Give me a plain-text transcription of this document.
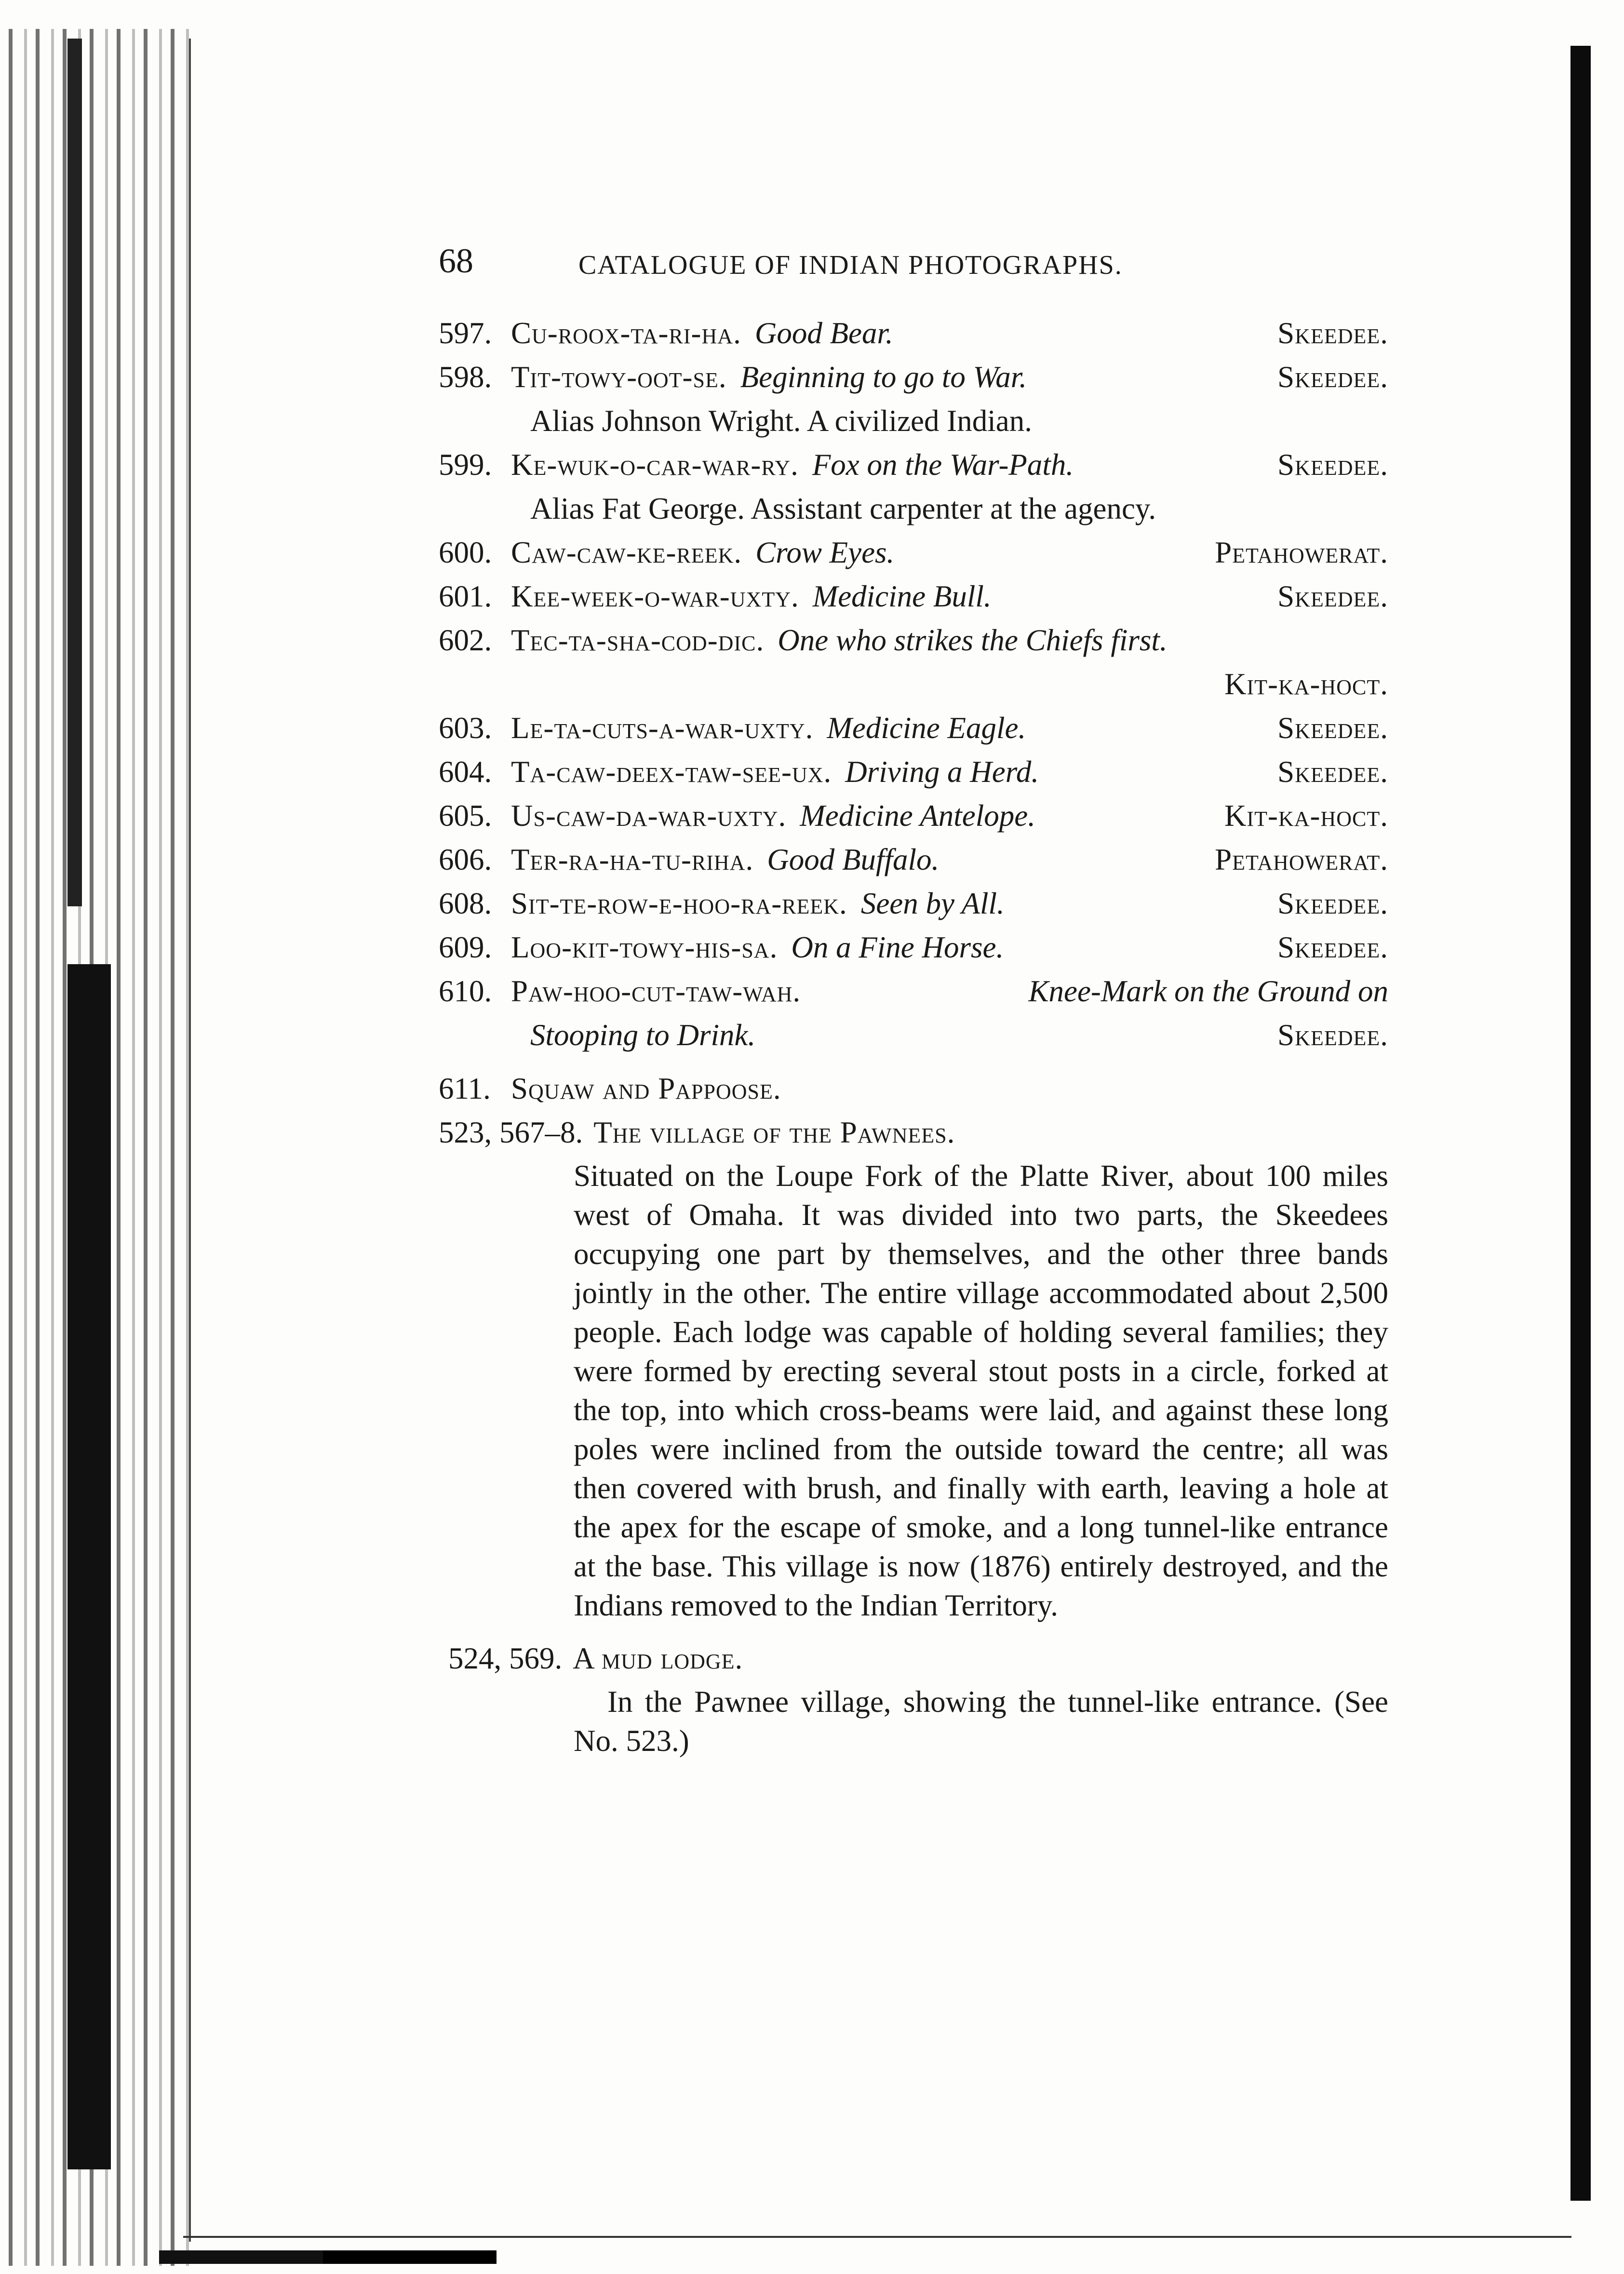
68	CATALOGUE OF INDIAN PHOTOGRAPHS.
597. Cu-roox-ta-ri-ha. Good Bear.	Skeedee.
598. Tit-towy-oot-se. Beginning to go to War.	Skeedee.
Alias Johnson Wright. A civilized Indian.
599. Ke-wuk-o-car-war-ry. Fox on the War-Path.	Skeedee.
Alias Fat George. Assistant carpenter at the agency.
600. Caw-caw-ke-reek. Crow Eyes.	Petahowerat.
601. Kee-week-o-war-uxty. Medicine Bull.	Skeedee.
602. Tec-ta-sha-cod-dic. One who strikes the Chiefs first.
Kit-ka-hoct.
603. Le-ta-cuts-a-war-uxty. Medicine Eagle.	Skeedee.
604. Ta-caw-deex-taw-see-ux. Driving a Herd.	Skeedee.
605. Us-caw-da-war-uxty. Medicine Antelope.	Kit-ka-hoct.
606. Ter-ra-ha-tu-riha. Good Buffalo.	Petahowerat.
608. Sit-te-row-e-hoo-ra-reek. Seen by All.	Skeedee.
609. Loo-kit-towy-his-sa. On a Fine Horse.	Skeedee.
610. Paw-hoo-cut-taw-wah.	Knee-Mark on the Ground on
Stooping to Drink.	Skeedee.
611. Squaw and Pappoose.
523, 567–8. The village of the Pawnees.

Situated on the Loupe Fork of the Platte River, about 100 miles west of Omaha. It was divided into two parts, the Skeedees occupying one part by themselves, and the other three bands jointly in the other. The entire village accommodated about 2,500 people. Each lodge was capable of holding several families; they were formed by erecting several stout posts in a circle, forked at the top, into which cross-beams were laid, and against these long poles were inclined from the outside toward the centre; all was then covered with brush, and finally with earth, leaving a hole at the apex for the escape of smoke, and a long tunnel-like entrance at the base. This village is now (1876) entirely destroyed, and the Indians removed to the Indian Territory.

524, 569. A mud lodge.

In the Pawnee village, showing the tunnel-like entrance. (See No. 523.)
